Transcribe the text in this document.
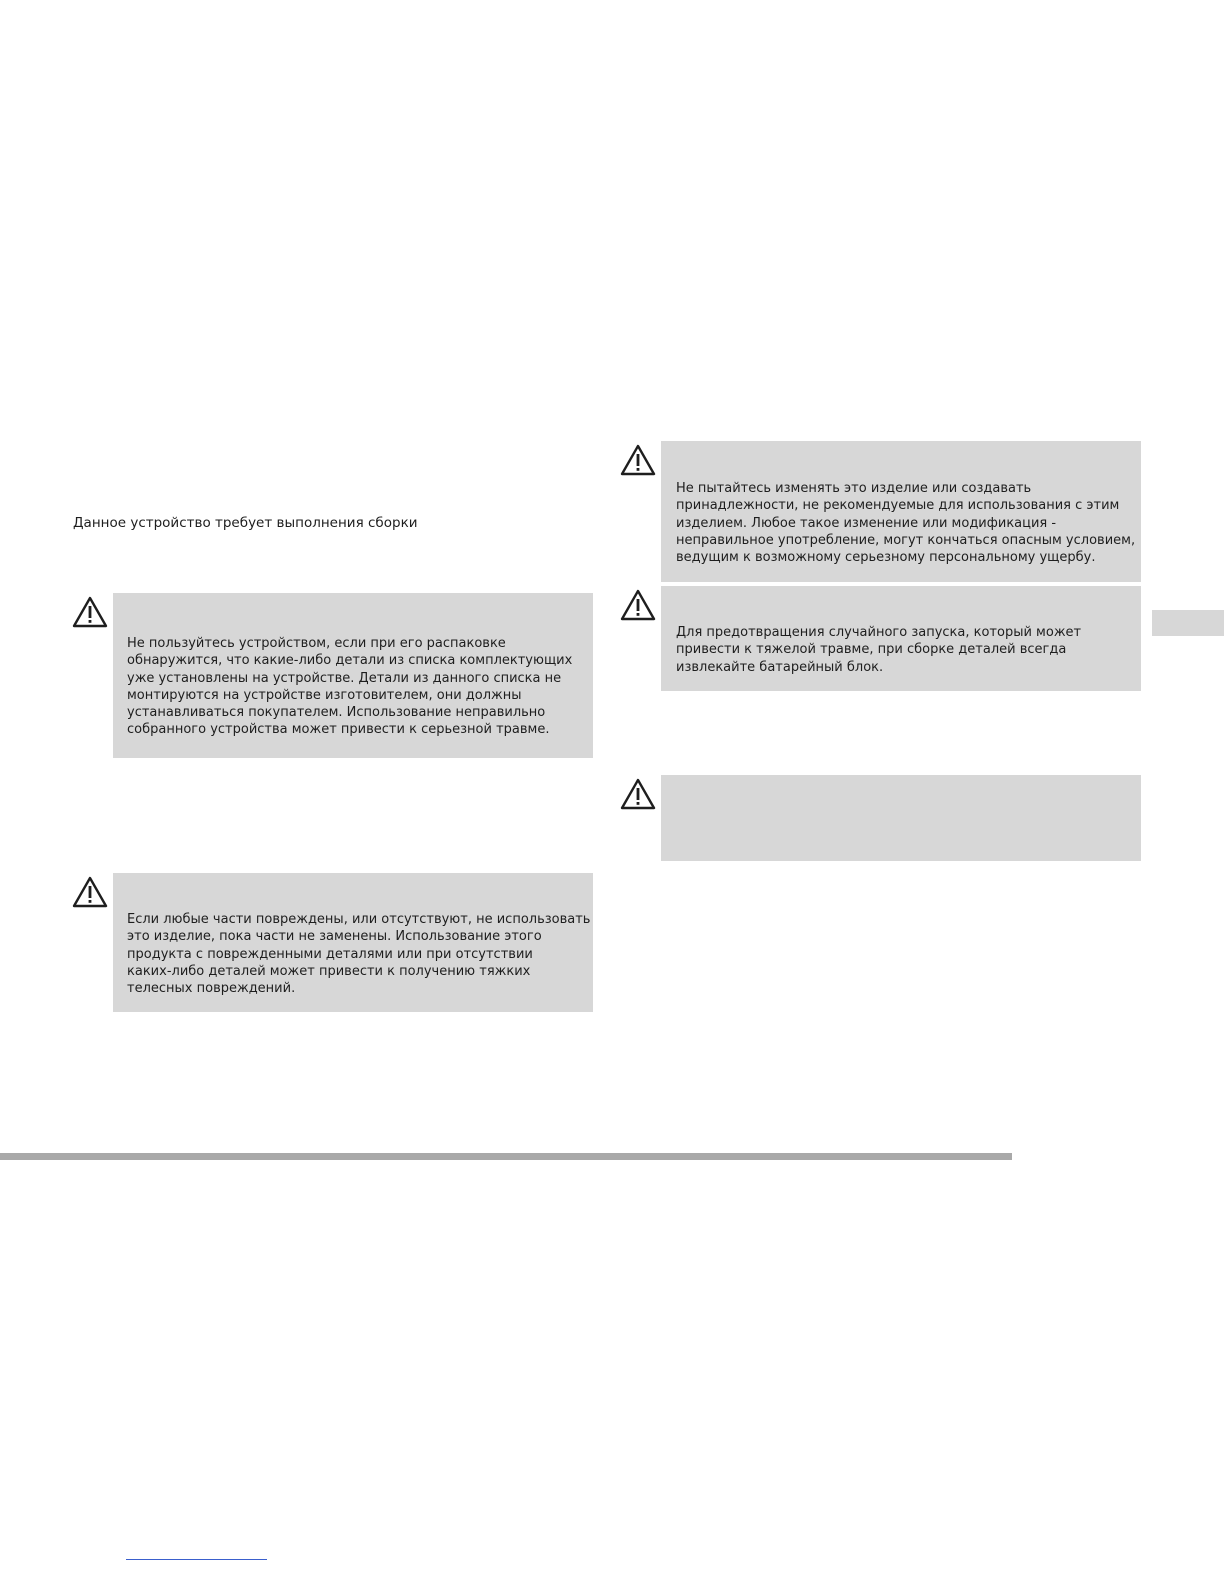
Данное устройство требует выполнения сборки

Не пользуйтесь устройством, если при его распаковке
обнаружится, что какие-либо детали из списка комплектующих
уже установлены на устройстве. Детали из данного списка не
монтируются на устройстве изготовителем, они должны
устанавливаться покупателем. Использование неправильно
собранного устройства может привести к серьезной травме.

Если любые части повреждены, или отсутствуют, не использовать
это изделие, пока части не заменены. Использование этого
продукта с поврежденными деталями или при отсутствии
каких-либо деталей может привести к получению тяжких
телесных повреждений.

Не пытайтесь изменять это изделие или создавать
принадлежности, не рекомендуемые для использования с этим
изделием. Любое такое изменение или модификация -
неправильное употребление, могут кончаться опасным условием,
ведущим к возможному серьезному персональному ущербу.

Для предотвращения случайного запуска, который может
привести к тяжелой травме, при сборке деталей всегда
извлекайте батарейный блок.
